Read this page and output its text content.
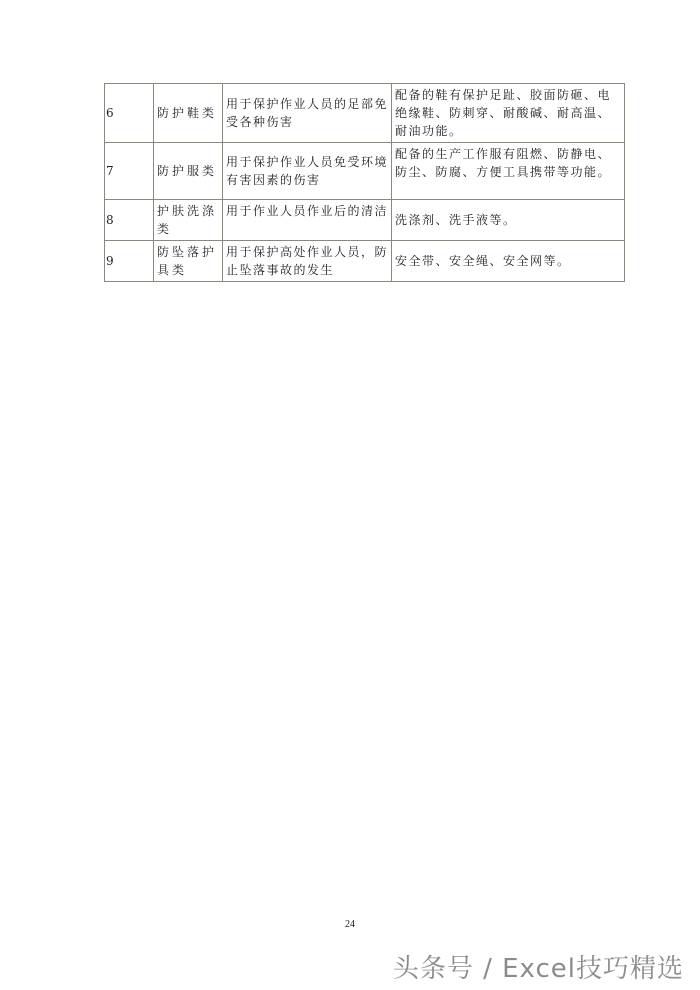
6	防护鞋类	用于保护作业人员的足部免受各种伤害	配备的鞋有保护足趾、胶面防砸、电绝缘鞋、防刺穿、耐酸碱、耐高温、耐油功能。
7	防护服类	用于保护作业人员免受环境有害因素的伤害	配备的生产工作服有阻燃、防静电、防尘、防腐、方便工具携带等功能。
8	护肤洗涤类	用于作业人员作业后的清洁	洗涤剂、洗手液等。
9	防坠落护具类	用于保护高处作业人员，防止坠落事故的发生	安全带、安全绳、安全网等。
24
头条号 / Excel技巧精选
